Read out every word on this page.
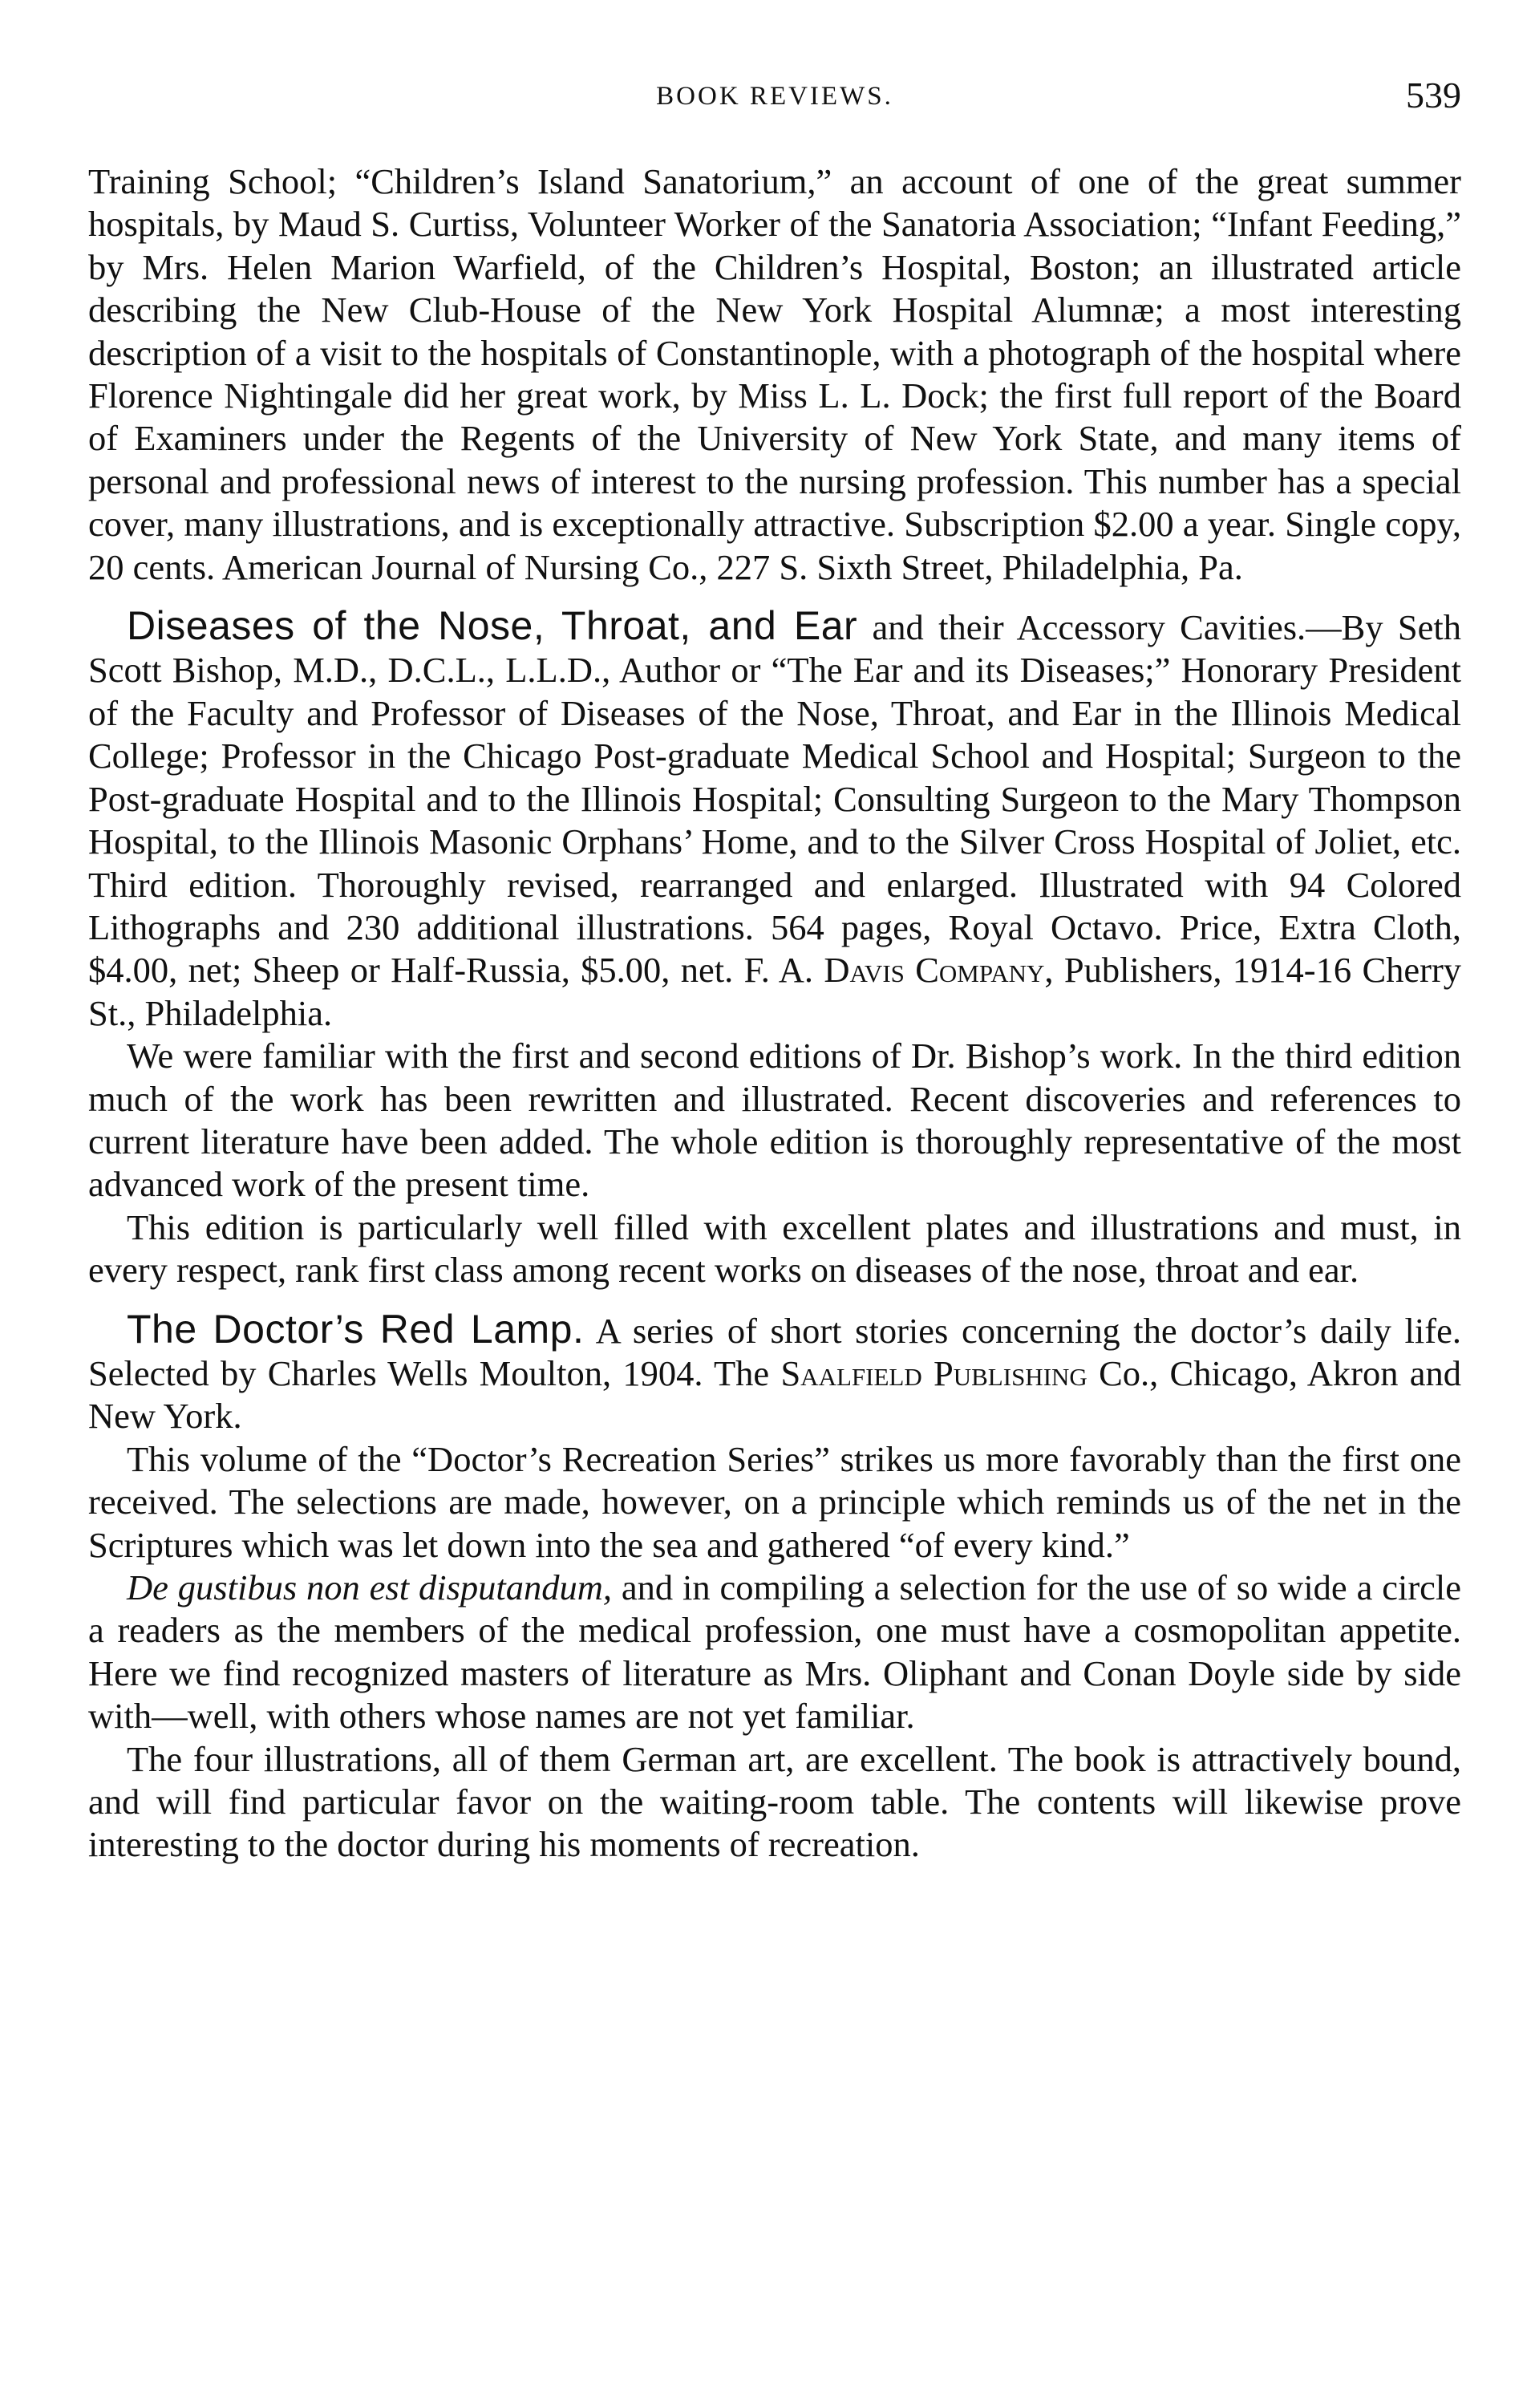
BOOK REVIEWS.	539

Training School; “Children’s Island Sanatorium,” an account of one of the great summer hospitals, by Maud S. Curtiss, Volunteer Worker of the Sanatoria Association; “Infant Feeding,” by Mrs. Helen Marion Warfield, of the Children’s Hospital, Boston; an illustrated article describing the New Club-House of the New York Hospital Alumnæ; a most interesting description of a visit to the hospitals of Constantinople, with a photograph of the hospital where Florence Nightingale did her great work, by Miss L. L. Dock; the first full report of the Board of Examiners under the Regents of the University of New York State, and many items of personal and professional news of interest to the nursing profession. This number has a special cover, many illustrations, and is exceptionally attractive. Subscription $2.00 a year. Single copy, 20 cents. American Journal of Nursing Co., 227 S. Sixth Street, Philadelphia, Pa.

Diseases of the Nose, Throat, and Ear and their Accessory Cavities.—By Seth Scott Bishop, M.D., D.C.L., L.L.D., Author or “The Ear and its Diseases;” Honorary President of the Faculty and Professor of Diseases of the Nose, Throat, and Ear in the Illinois Medical College; Professor in the Chicago Post-graduate Medical School and Hospital; Surgeon to the Post-graduate Hospital and to the Illinois Hospital; Consulting Surgeon to the Mary Thompson Hospital, to the Illinois Masonic Orphans’ Home, and to the Silver Cross Hospital of Joliet, etc. Third edition. Thoroughly revised, rearranged and enlarged. Illustrated with 94 Colored Lithographs and 230 additional illustrations. 564 pages, Royal Octavo. Price, Extra Cloth, $4.00, net; Sheep or Half-Russia, $5.00, net. F. A. Davis Company, Publishers, 1914-16 Cherry St., Philadelphia.

We were familiar with the first and second editions of Dr. Bishop’s work. In the third edition much of the work has been rewritten and illustrated. Recent discoveries and references to current literature have been added. The whole edition is thoroughly representative of the most advanced work of the present time.

This edition is particularly well filled with excellent plates and illustrations and must, in every respect, rank first class among recent works on diseases of the nose, throat and ear.

The Doctor’s Red Lamp. A series of short stories concerning the doctor’s daily life. Selected by Charles Wells Moulton, 1904. The Saalfield Publishing Co., Chicago, Akron and New York.

This volume of the “Doctor’s Recreation Series” strikes us more favorably than the first one received. The selections are made, however, on a principle which reminds us of the net in the Scriptures which was let down into the sea and gathered “of every kind.”

De gustibus non est disputandum, and in compiling a selection for the use of so wide a circle a readers as the members of the medical profession, one must have a cosmopolitan appetite. Here we find recognized masters of literature as Mrs. Oliphant and Conan Doyle side by side with—well, with others whose names are not yet familiar.

The four illustrations, all of them German art, are excellent. The book is attractively bound, and will find particular favor on the waiting-room table. The contents will likewise prove interesting to the doctor during his moments of recreation.
